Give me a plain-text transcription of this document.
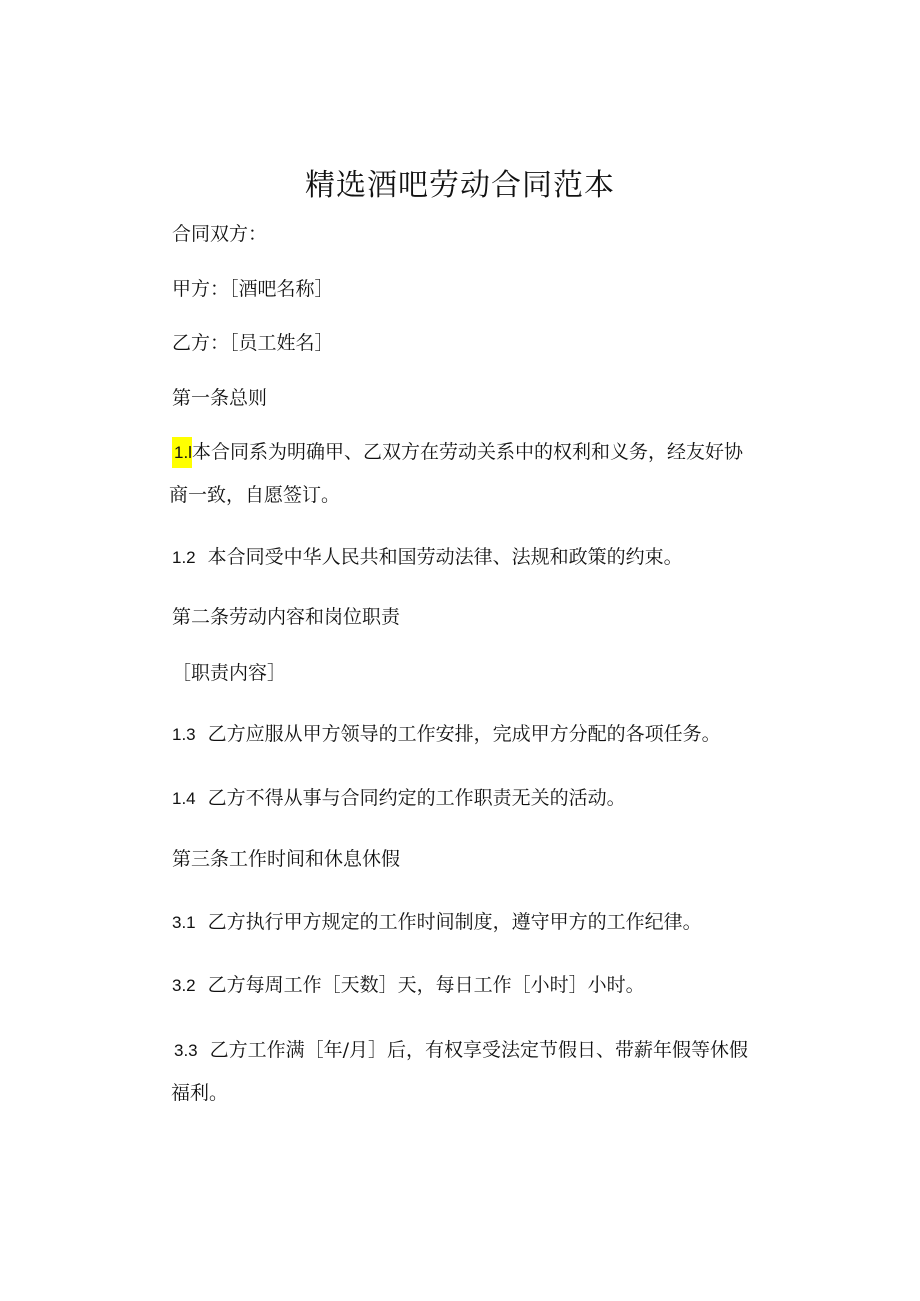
精选酒吧劳动合同范本
合同双方：
甲方：［酒吧名称］
乙方：［员工姓名］
第一条总则
1.l本合同系为明确甲、乙双方在劳动关系中的权利和义务，经友好协
商一致，自愿签订。
1.2 本合同受中华人民共和国劳动法律、法规和政策的约束。
第二条劳动内容和岗位职责
［职责内容］
1.3 乙方应服从甲方领导的工作安排，完成甲方分配的各项任务。
1.4 乙方不得从事与合同约定的工作职责无关的活动。
第三条工作时间和休息休假
3.1 乙方执行甲方规定的工作时间制度，遵守甲方的工作纪律。
3.2 乙方每周工作［天数］天，每日工作［小时］小时。
3.3 乙方工作满［年/月］后，有权享受法定节假日、带薪年假等休假
福利。
